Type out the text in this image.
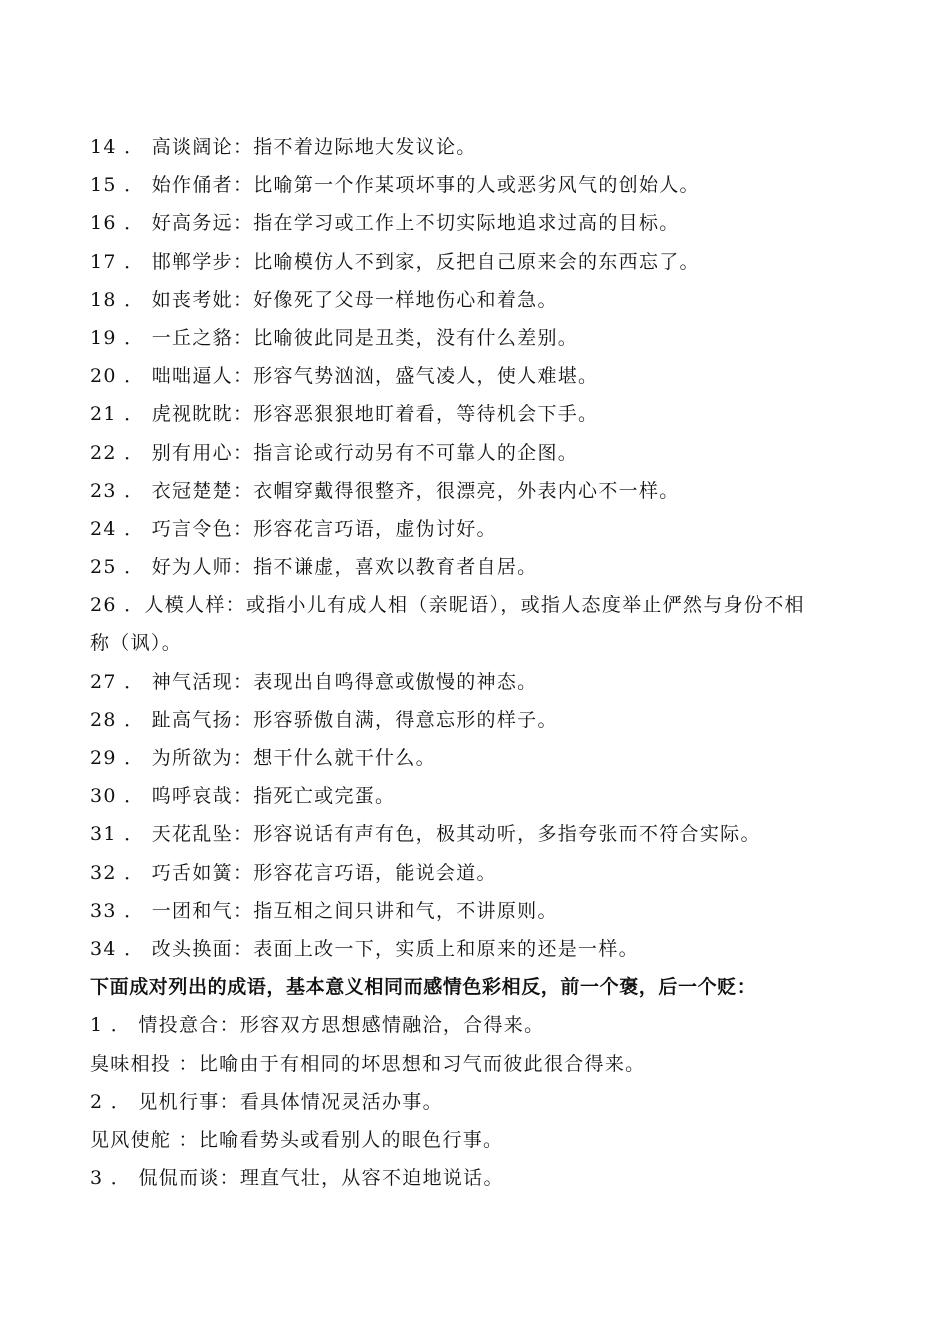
14 ． 高谈阔论：指不着边际地大发议论。
15 ． 始作俑者：比喻第一个作某项坏事的人或恶劣风气的创始人。
16 ． 好高务远：指在学习或工作上不切实际地追求过高的目标。
17 ． 邯郸学步：比喻模仿人不到家，反把自己原来会的东西忘了。
18 ． 如丧考妣：好像死了父母一样地伤心和着急。
19 ． 一丘之貉：比喻彼此同是丑类，没有什么差别。
20 ． 咄咄逼人：形容气势汹汹，盛气凌人，使人难堪。
21 ． 虎视眈眈：形容恶狠狠地盯着看，等待机会下手。
22 ． 别有用心：指言论或行动另有不可靠人的企图。
23 ． 衣冠楚楚：衣帽穿戴得很整齐，很漂亮，外表内心不一样。
24 ． 巧言令色：形容花言巧语，虚伪讨好。
25 ． 好为人师：指不谦虚，喜欢以教育者自居。
26 ．人模人样：或指小儿有成人相（亲昵语），或指人态度举止俨然与身份不相
称（讽）。
27 ． 神气活现：表现出自鸣得意或傲慢的神态。
28 ． 趾高气扬：形容骄傲自满，得意忘形的样子。
29 ． 为所欲为：想干什么就干什么。
30 ． 呜呼哀哉：指死亡或完蛋。
31 ． 天花乱坠：形容说话有声有色，极其动听，多指夸张而不符合实际。
32 ． 巧舌如簧：形容花言巧语，能说会道。
33 ． 一团和气：指互相之间只讲和气，不讲原则。
34 ． 改头换面：表面上改一下，实质上和原来的还是一样。
下面成对列出的成语，基本意义相同而感情色彩相反，前一个褒，后一个贬：
1 ． 情投意合：形容双方思想感情融洽，合得来。
臭味相投 ：比喻由于有相同的坏思想和习气而彼此很合得来。
2 ． 见机行事：看具体情况灵活办事。
见风使舵 ：比喻看势头或看别人的眼色行事。
3 ． 侃侃而谈：理直气壮，从容不迫地说话。
